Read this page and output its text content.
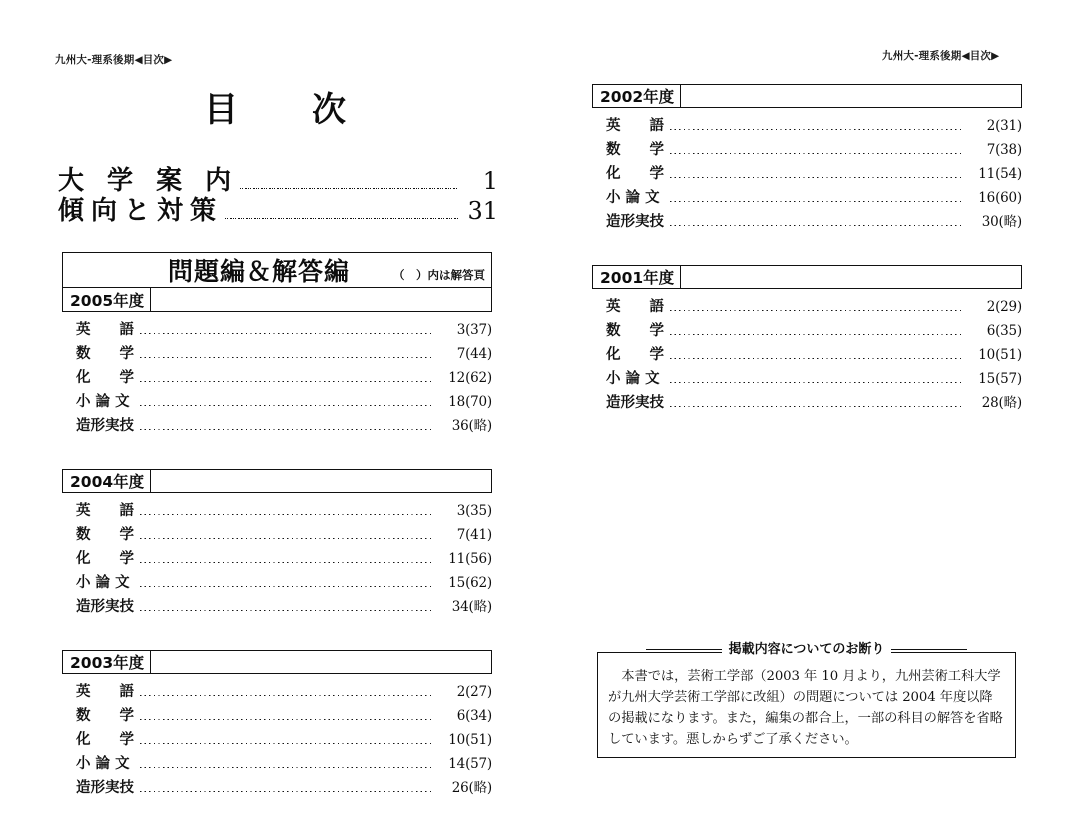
九州大-理系後期◀目次▶	九州大-理系後期◀目次▶
目　次
大 学 案 内	1
傾向と対策	31
問題編＆解答編	（　）内は解答頁
2005年度
英　　語	3(37)
数　　学	7(44)
化　　学	12(62)
小 論 文	18(70)
造形実技	36(略)
2004年度
英　　語	3(35)
数　　学	7(41)
化　　学	11(56)
小 論 文	15(62)
造形実技	34(略)
2003年度
英　　語	2(27)
数　　学	6(34)
化　　学	10(51)
小 論 文	14(57)
造形実技	26(略)
2002年度
英　　語	2(31)
数　　学	7(38)
化　　学	11(54)
小 論 文	16(60)
造形実技	30(略)
2001年度
英　　語	2(29)
数　　学	6(35)
化　　学	10(51)
小 論 文	15(57)
造形実技	28(略)
掲載内容についてのお断り

本書では，芸術工学部（2003 年 10 月より，九州芸術工科大学が九州大学芸術工学部に改組）の問題については 2004 年度以降の掲載になります。また，編集の都合上，一部の科目の解答を省略しています。悪しからずご了承ください。
